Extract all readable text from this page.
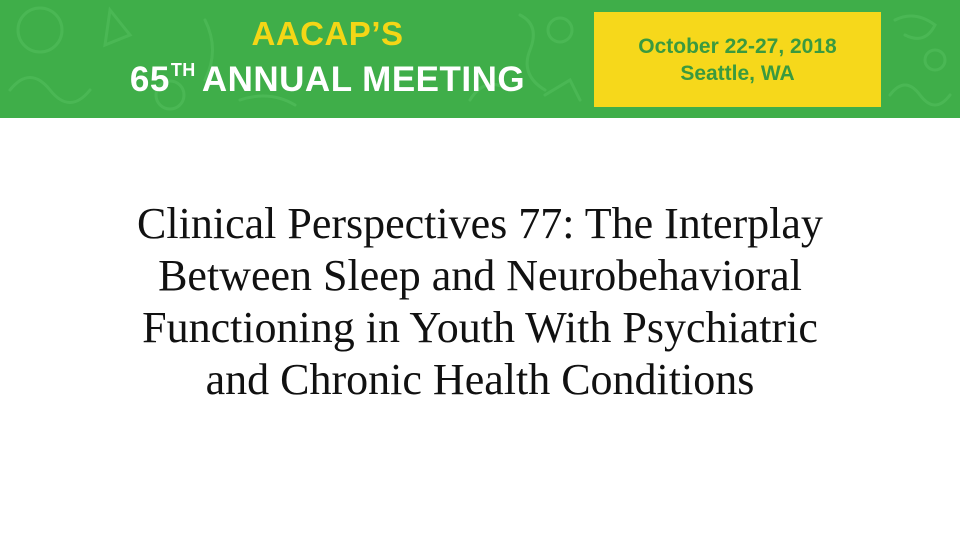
AACAP’S
65TH ANNUAL MEETING
October 22-27, 2018
Seattle, WA
Clinical Perspectives 77: The Interplay
Between Sleep and Neurobehavioral
Functioning in Youth With Psychiatric
and Chronic Health Conditions
